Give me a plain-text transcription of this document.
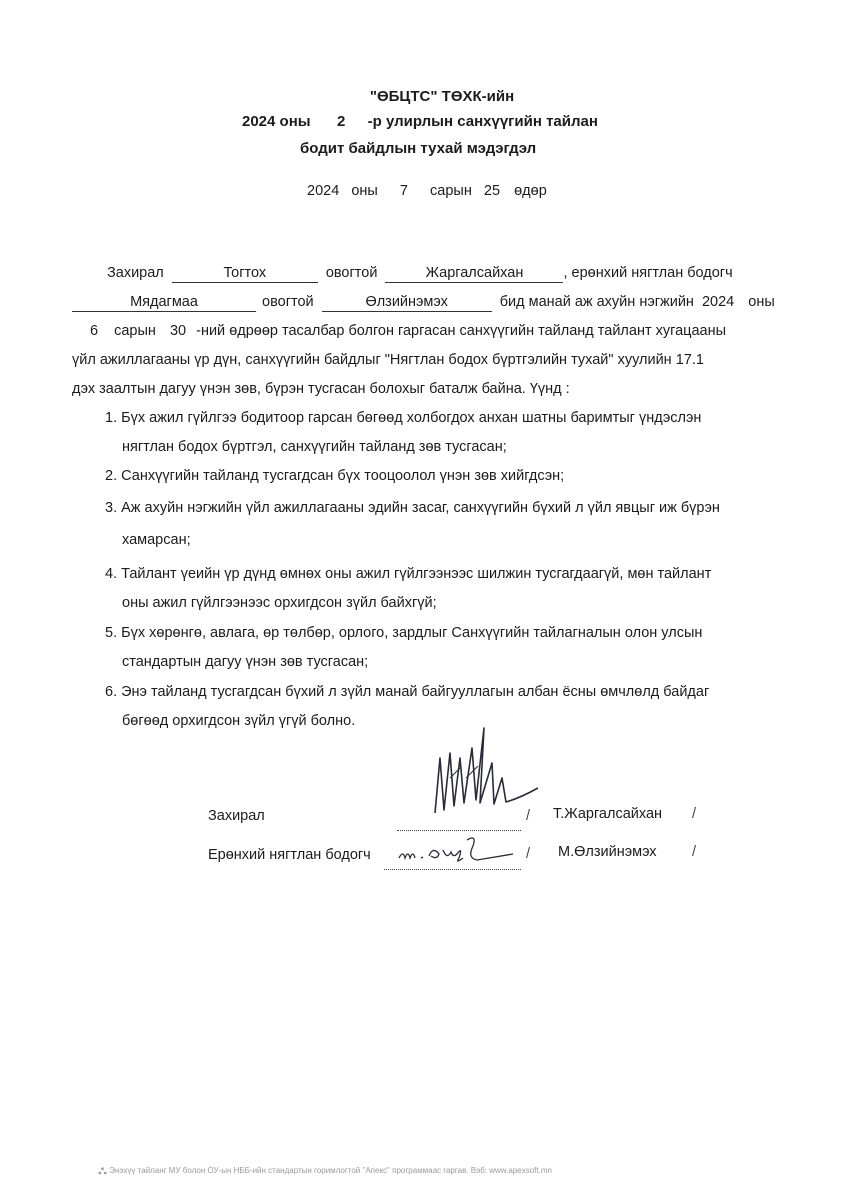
"ӨБЦТС" ТӨХК-ийн
2024 оны 2 -р улирлын санхүүгийн тайлан
бодит байдлын тухай мэдэгдэл
2024 оны 7 сарын 25 өдөр
Захирал	Тогтох	овогтой	Жаргалсайхан	, ерөнхий нягтлан бодогч
Мядагмаа	овогтой	Өлзийнэмэх	бид манай аж ахуйн нэгжийн 2024 оны
6 сарын 30 -ний өдрөөр тасалбар болгон гаргасан санхүүгийн тайланд тайлант хугацааны
үйл ажиллагааны үр дүн, санхүүгийн байдлыг "Нягтлан бодох бүртгэлийн тухай" хуулийн 17.1
дэх заалтын дагуу үнэн зөв, бүрэн тусгасан болохыг баталж байна. Үүнд :
1. Бүх ажил гүйлгээ бодитоор гарсан бөгөөд холбогдох анхан шатны баримтыг үндэслэн
нягтлан бодох бүртгэл, санхүүгийн тайланд зөв тусгасан;
2. Санхүүгийн тайланд тусгагдсан бүх тооцоолол үнэн зөв хийгдсэн;
3. Аж ахуйн нэгжийн үйл ажиллагааны эдийн засаг, санхүүгийн бүхий л үйл явцыг иж бүрэн
хамарсан;
4. Тайлант үеийн үр дүнд өмнөх оны ажил гүйлгээнээс шилжин тусгагдаагүй, мөн тайлант
оны ажил гүйлгээнээс орхигдсон зүйл байхгүй;
5. Бүх хөрөнгө, авлага, өр төлбөр, орлого, зардлыг Санхүүгийн тайлагналын олон улсын
стандартын дагуу үнэн зөв тусгасан;
6. Энэ тайланд тусгагдсан бүхий л зүйл манай байгууллагын албан ёсны өмчлөлд байдаг
бөгөөд орхигдсон зүйл үгүй болно.
Захирал	/ Т.Жаргалсайхан /
Ерөнхий нягтлан бодогч	/ М.Өлзийнэмэх /
Энэхүү тайланг МУ болон ОУ-ын НББ-ийн стандартын горимлогтой "Апекс" программаас гаргав. Вэб: www.apexsoft.mn
